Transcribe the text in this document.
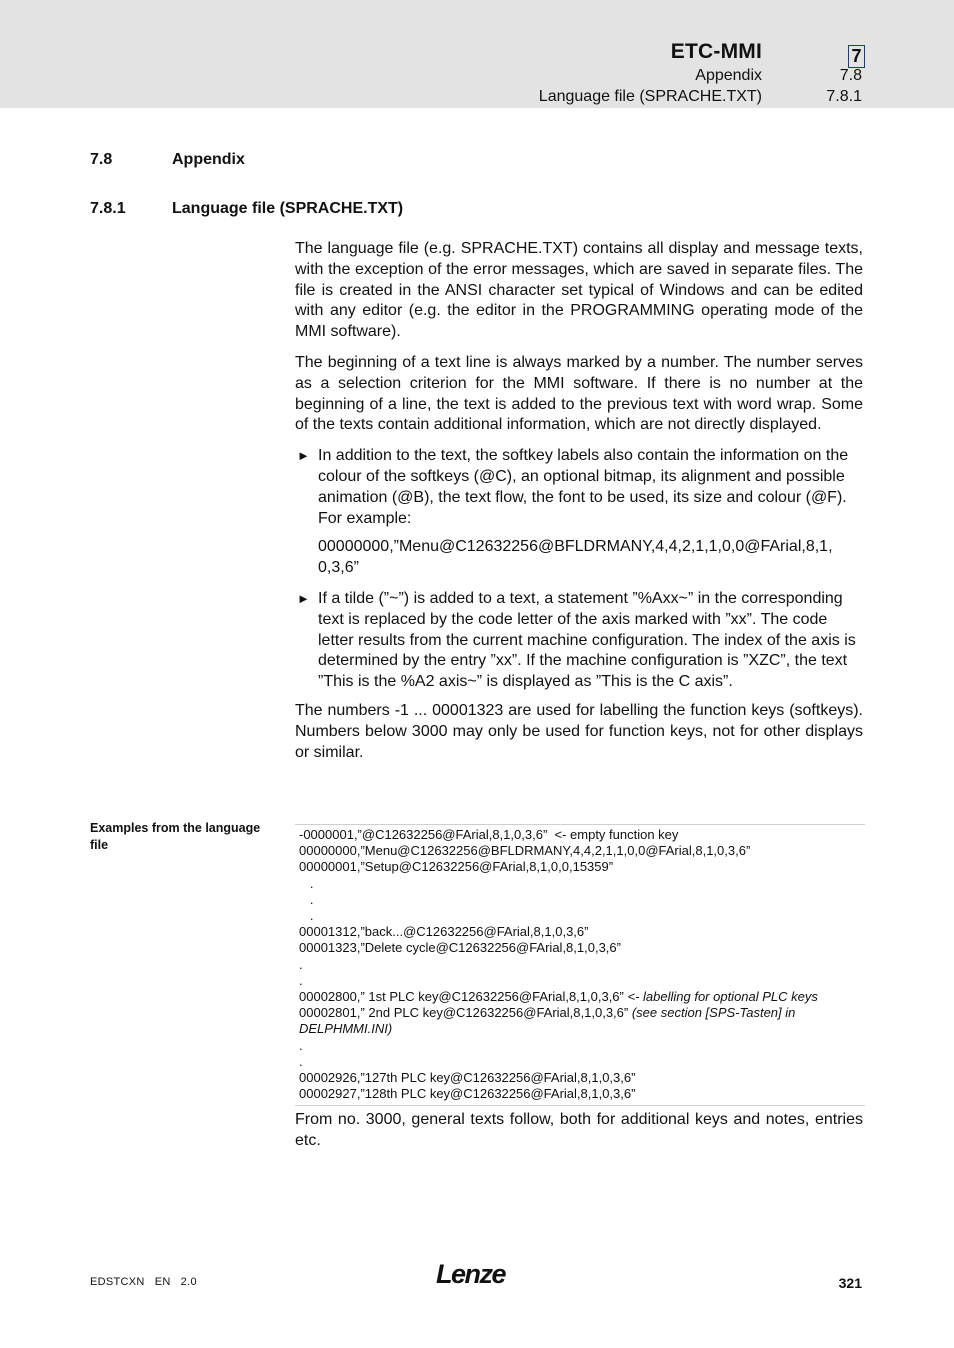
ETC-MMI	7
Appendix	7.8
Language file (SPRACHE.TXT)	7.8.1
7.8	Appendix
7.8.1	Language file (SPRACHE.TXT)

The language file (e.g. SPRACHE.TXT) contains all display and message texts, with the exception of the error messages, which are saved in separate files. The file is created in the ANSI character set typical of Windows and can be edited with any editor (e.g. the editor in the PROGRAMMING operating mode of the MMI software).

The beginning of a text line is always marked by a number. The number serves as a selection criterion for the MMI software. If there is no number at the beginning of a line, the text is added to the previous text with word wrap. Some of the texts contain additional information, which are not directly displayed.

► In addition to the text, the softkey labels also contain the information on the colour of the softkeys (@C), an optional bitmap, its alignment and possible animation (@B), the text flow, the font to be used, its size and colour (@F). For example:
00000000,”Menu@C12632256@BFLDRMANY,4,4,2,1,1,0,0@FArial,8,1, 0,3,6”
► If a tilde (”~”) is added to a text, a statement ”%Axx~” in the corresponding text is replaced by the code letter of the axis marked with ”xx”. The code letter results from the current machine configuration. The index of the axis is determined by the entry ”xx”. If the machine configuration is ”XZC”, the text ”This is the %A2 axis~” is displayed as ”This is the C axis”.

The numbers -1 ... 00001323 are used for labelling the function keys (softkeys). Numbers below 3000 may only be used for function keys, not for other displays or similar.

Examples from the language file

-0000001,”@C12632256@FArial,8,1,0,3,6”  <- empty function key

00000000,”Menu@C12632256@BFLDRMANY,4,4,2,1,1,0,0@FArial,8,1,0,3,6”

00000001,”Setup@C12632256@FArial,8,1,0,0,15359”

.

.

.

00001312,”back...@C12632256@FArial,8,1,0,3,6”

00001323,”Delete cycle@C12632256@FArial,8,1,0,3,6”

.

.

00002800,” 1st PLC key@C12632256@FArial,8,1,0,3,6” <- labelling for optional PLC keys

00002801,” 2nd PLC key@C12632256@FArial,8,1,0,3,6” (see section [SPS-Tasten] in

DELPHMMI.INI)

.

.

00002926,”127th PLC key@C12632256@FArial,8,1,0,3,6”

00002927,”128th PLC key@C12632256@FArial,8,1,0,3,6”

From no. 3000, general texts follow, both for additional keys and notes, entries etc.

EDSTCXN   EN   2.0	Lenze	321
